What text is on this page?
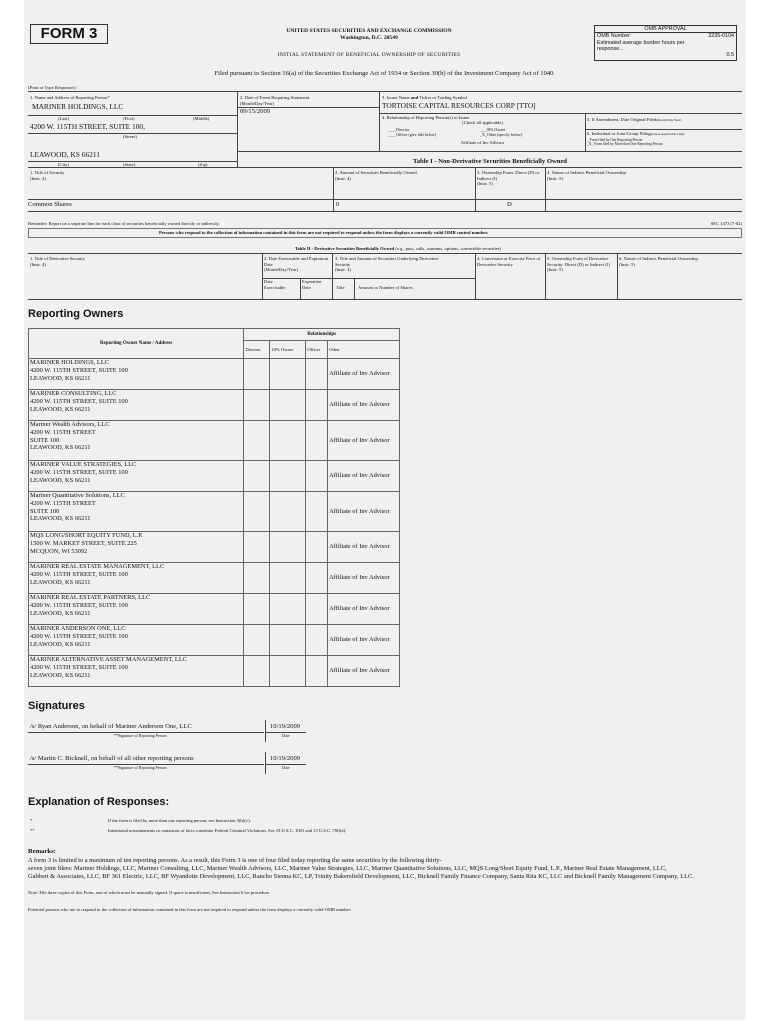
FORM 3	UNITED STATES SECURITIES AND EXCHANGE COMMISSION
Washington, D.C. 20549
INITIAL STATEMENT OF BENEFICIAL OWNERSHIP OF SECURITIES
OMB APPROVAL
OMB Number:	3235-0104
Estimated average burden hours per response...
0.5
Filed pursuant to Section 16(a) of the Securities Exchange Act of 1934 or Section 30(h) of the Investment Company Act of 1940
(Print or Type Responses)
1. Name and Address of Reporting Person*
MARINER HOLDINGS, LLC
(Last)	(First)	(Middle)
4200 W. 115TH STREET, SUITE 100,
(Street)
LEAWOOD, KS 66211
(City)	(State)	(Zip)
2. Date of Event Requiring Statement (Month/Day/Year)
09/15/2009
3. Issuer Name and Ticker or Trading Symbol
TORTOISE CAPITAL RESOURCES CORP [TTO]
4. Relationship of Reporting Person(s) to Issuer
(Check all applicable)
____Director	___10% Owner
____Officer (give title below)	_X_Other (specify below)
Affiliate of Inv Advisor
5. If Amendment, Date Original Filed(Month/Day/Year)
6. Individual or Joint/Group Filing(Check Applicable Line)
_ Form filed by One Reporting Person
_X_ Form filed by More than One Reporting Person
Table I - Non-Derivative Securities Beneficially Owned
1. Title of Security
(Instr. 4)
2. Amount of Securities Beneficially Owned
(Instr. 4)
3. Ownership Form: Direct (D) or Indirect (I)
(Instr. 5)
4. Nature of Indirect Beneficial Ownership
(Instr. 5)
Common Shares	0	D
Reminder: Report on a separate line for each class of securities beneficially owned directly or indirectly.	SEC 1473 (7-02)
Persons who respond to the collection of information contained in this form are not required to respond unless the form displays a currently valid OMB control number.
Table II - Derivative Securities Beneficially Owned (e.g., puts, calls, warrants, options, convertible securities)
1. Title of Derivative Security
(Instr. 4)
2. Date Exercisable and Expiration Date
(Month/Day/Year)
Date Exercisable
Expiration Date
3. Title and Amount of Securities Underlying Derivative Security
(Instr. 4)
Title	Amount or Number of Shares
4. Conversion or Exercise Price of Derivative Security
5. Ownership Form of Derivative Security: Direct (D) or Indirect (I)
(Instr. 5)
6. Nature of Indirect Beneficial Ownership
(Instr. 5)
Reporting Owners
Reporting Owner Name / Address	Relationships			
	Director	10% Owner	Officer	Other
MARINER HOLDINGS, LLC
4200 W. 115TH STREET, SUITE 100
LEAWOOD, KS 66211				Affiliate of Inv Advisor
MARINER CONSULTING, LLC
4200 W. 115TH STREET, SUITE 100
LEAWOOD, KS 66211				Affiliate of Inv Advisor
Mariner Wealth Advisors, LLC
4200 W. 115TH STREET
SUITE 100
LEAWOOD, KS 66211				Affiliate of Inv Advisor
MARINER VALUE STRATEGIES, LLC
4200 W. 115TH STREET, SUITE 100
LEAWOOD, KS 66211				Affiliate of Inv Advisor
Mariner Quantitative Solutions, LLC
4200 W. 115TH STREET
SUITE 100
LEAWOOD, KS 66211				Affiliate of Inv Advisor
MQS LONG/SHORT EQUITY FUND, L.P.
1500 W. MARKET STREET, SUITE 225
MCQUON, WI 53092				Affiliate of Inv Advisor
MARINER REAL ESTATE MANAGEMENT, LLC
4200 W. 115TH STREET, SUITE 100
LEAWOOD, KS 66211				Affiliate of Inv Advisor
MARINER REAL ESTATE PARTNERS, LLC
4200 W. 115TH STREET, SUITE 100
LEAWOOD, KS 66211				Affiliate of Inv Advisor
MARINER ANDERSON ONE, LLC
4200 W. 115TH STREET, SUITE 100
LEAWOOD, KS 66211				Affiliate of Inv Advisor
MARINER ALTERNATIVE ASSET MANAGEMENT, LLC
4200 W. 115TH STREET, SUITE 100
LEAWOOD, KS 66211				Affiliate of Inv Advisor
Signatures
/s/ Ryan Anderson, on behalf of Mariner Anderson One, LLC	10/19/2009
**Signature of Reporting Person	Date
/s/ Martin C. Bicknell, on behalf of all other reporting persons	10/19/2009
**Signature of Reporting Person	Date
Explanation of Responses:
*	If the form is filed by more than one reporting person, see Instruction 5(b)(v).
**	Intentional misstatements or omissions of facts constitute Federal Criminal Violations. See 18 U.S.C. 1001 and 15 U.S.C. 78ff(a).
Remarks:
A form 3 is limited to a maximum of ten reporting persons. As a result, this Form 3 is one of four filed today reporting the same securities by the following thirty-
seven joint filers: Mariner Holdings, LLC, Mariner Consulting, LLC, Mariner Wealth Advisors, LLC, Mariner Value Strategies, LLC, Mariner Quantitative Solutions, LLC, MQS Long/Short Equity Fund, L.P., Mariner Real Estate Management, LLC,
Gabbert & Associates, LLC, BF 361 Electric, LLC, BF Wyandotte Development, LLC, Rancho Sienna KC, LP, Trinity Bakersfield Development, LLC, Bicknell Family Finance Company, Santa Rita KC, LLC and Bicknell Family Management Company, LLC.
Note: File three copies of this Form, one of which must be manually signed. If space is insufficient, See Instruction 6 for procedure.
Potential persons who are to respond to the collection of information contained in this form are not required to respond unless the form displays a currently valid OMB number.
